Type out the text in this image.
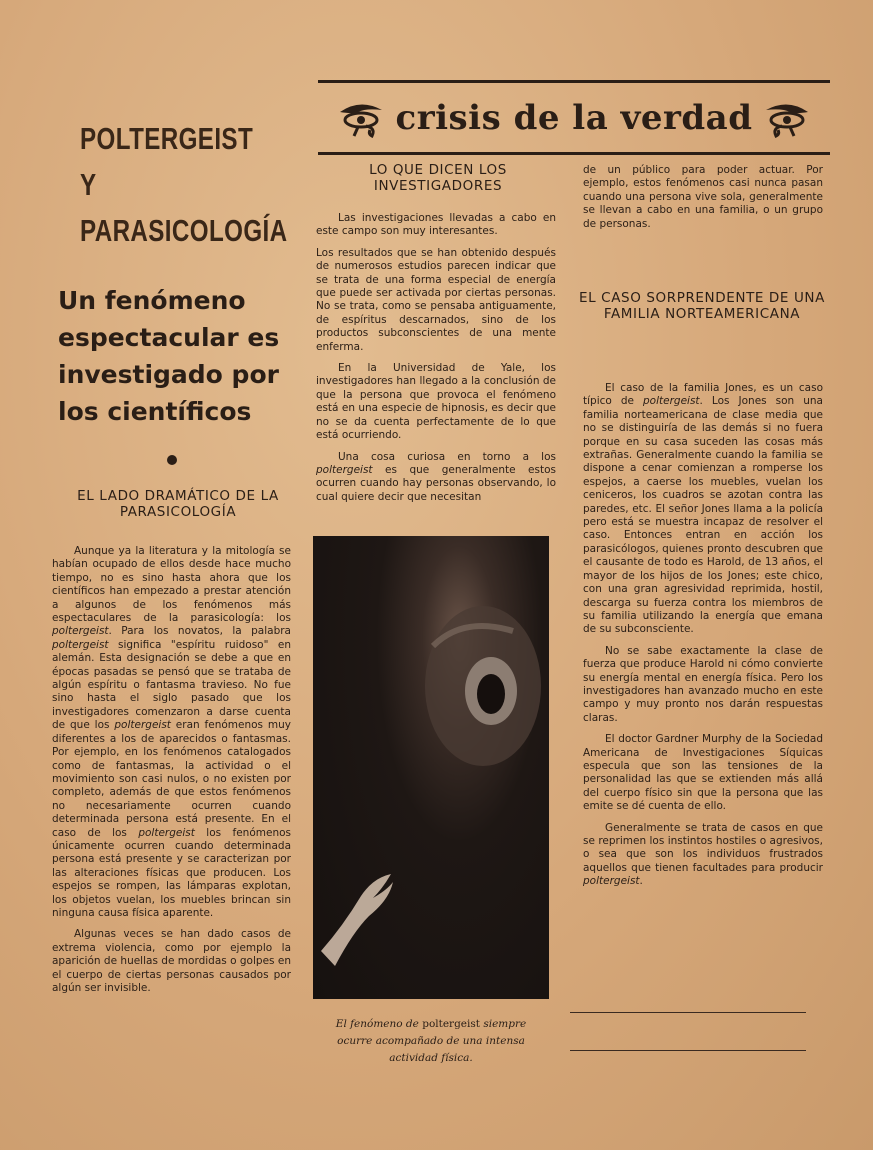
crisis de la verdad
POLTERGEIST Y
PARASICOLOGÍA
Un fenómeno espectacular es investigado por los científicos
EL LADO DRAMÁTICO DE LA PARASICOLOGÍA

Aunque ya la literatura y la mitología se habían ocupado de ellos desde hace mucho tiempo, no es sino hasta ahora que los científicos han empezado a prestar atención a algunos de los fenómenos más espectaculares de la parasicología: los poltergeist. Para los novatos, la palabra poltergeist significa "espíritu ruidoso" en alemán. Esta designación se debe a que en épocas pasadas se pensó que se trataba de algún espíritu o fantasma travieso. No fue sino hasta el siglo pasado que los investigadores comenzaron a darse cuenta de que los poltergeist eran fenómenos muy diferentes a los de aparecidos o fantasmas. Por ejemplo, en los fenómenos catalogados como de fantasmas, la actividad o el movimiento son casi nulos, o no existen por completo, además de que estos fenómenos no necesariamente ocurren cuando determinada persona está presente. En el caso de los poltergeist los fenómenos únicamente ocurren cuando determinada persona está presente y se caracterizan por las alteraciones físicas que producen. Los espejos se rompen, las lámparas explotan, los objetos vuelan, los muebles brincan sin ninguna causa física aparente.

Algunas veces se han dado casos de extrema violencia, como por ejemplo la aparición de huellas de mordidas o golpes en el cuerpo de ciertas personas causados por algún ser invisible.

LO QUE DICEN LOS INVESTIGADORES

Las investigaciones llevadas a cabo en este campo son muy interesantes.

Los resultados que se han obtenido después de numerosos estudios parecen indicar que se trata de una forma especial de energía que puede ser activada por ciertas personas. No se trata, como se pensaba antiguamente, de espíritus descarnados, sino de los productos subconscientes de una mente enferma.

En la Universidad de Yale, los investigadores han llegado a la conclusión de que la persona que provoca el fenómeno está en una especie de hipnosis, es decir que no se da cuenta perfectamente de lo que está ocurriendo.

Una cosa curiosa en torno a los poltergeist es que generalmente estos ocurren cuando hay personas observando, lo cual quiere decir que necesitan

El fenómeno de poltergeist siempre ocurre acompañado de una intensa actividad física.

de un público para poder actuar. Por ejemplo, estos fenómenos casi nunca pasan cuando una persona vive sola, generalmente se llevan a cabo en una familia, o un grupo de personas.

EL CASO SORPRENDENTE DE UNA FAMILIA NORTEAMERICANA

El caso de la familia Jones, es un caso típico de poltergeist. Los Jones son una familia norteamericana de clase media que no se distinguiría de las demás si no fuera porque en su casa suceden las cosas más extrañas. Generalmente cuando la familia se dispone a cenar comienzan a romperse los espejos, a caerse los muebles, vuelan los ceniceros, los cuadros se azotan contra las paredes, etc. El señor Jones llama a la policía pero está se muestra incapaz de resolver el caso. Entonces entran en acción los parasicólogos, quienes pronto descubren que el causante de todo es Harold, de 13 años, el mayor de los hijos de los Jones; este chico, con una gran agresividad reprimida, hostil, descarga su fuerza contra los miembros de su familia utilizando la energía que emana de su subconsciente.

No se sabe exactamente la clase de fuerza que produce Harold ni cómo convierte su energía mental en energía física. Pero los investigadores han avanzado mucho en este campo y muy pronto nos darán respuestas claras.

El doctor Gardner Murphy de la Sociedad Americana de Investigaciones Síquicas especula que son las tensiones de la personalidad las que se extienden más allá del cuerpo físico sin que la persona que las emite se dé cuenta de ello.

Generalmente se trata de casos en que se reprimen los instintos hostiles o agresivos, o sea que son los individuos frustrados aquellos que tienen facultades para producir poltergeist.
